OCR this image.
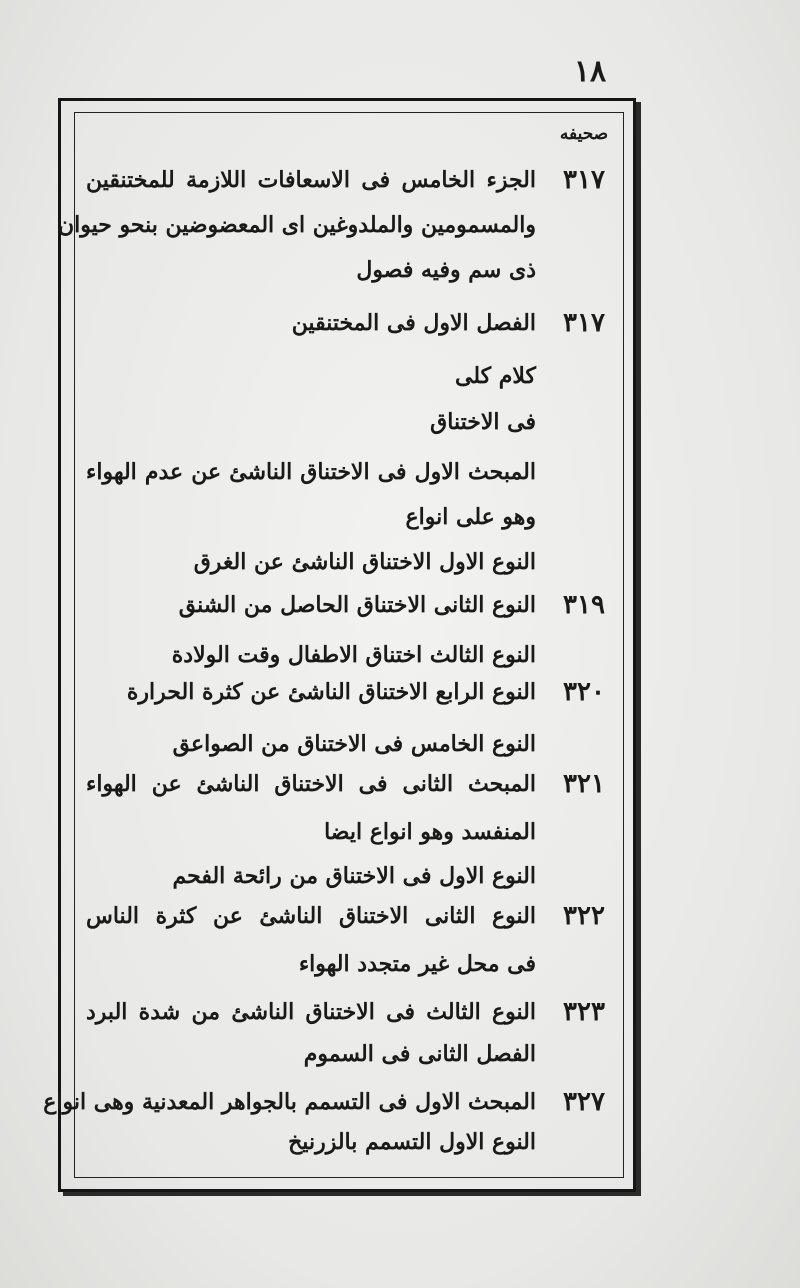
١٨
صحيفه
٣١٧
الجزء الخامس فى الاسعافات اللازمة للمختنقين
والمسمومين والملدوغين اى المعضوضين بنحو حيوان
ذى سم وفيه فصول
٣١٧
الفصل الاول فى المختنقين
كلام كلى
فى الاختناق
المبحث الاول فى الاختناق الناشئ عن عدم الهواء
وهو على انواع
النوع الاول الاختناق الناشئ عن الغرق
٣١٩
النوع الثانى الاختناق الحاصل من الشنق
النوع الثالث اختناق الاطفال وقت الولادة
٣٢٠
النوع الرابع الاختناق الناشئ عن كثرة الحرارة
النوع الخامس فى الاختناق من الصواعق
٣٢١
المبحث الثانى فى الاختناق الناشئ عن الهواء
المنفسد وهو انواع ايضا
النوع الاول فى الاختناق من رائحة الفحم
٣٢٢
النوع الثانى الاختناق الناشئ عن كثرة الناس
فى محل غير متجدد الهواء
٣٢٣
النوع الثالث فى الاختناق الناشئ من شدة البرد
الفصل الثانى فى السموم
٣٢٧
المبحث الاول فى التسمم بالجواهر المعدنية وهى انواع
النوع الاول التسمم بالزرنيخ
